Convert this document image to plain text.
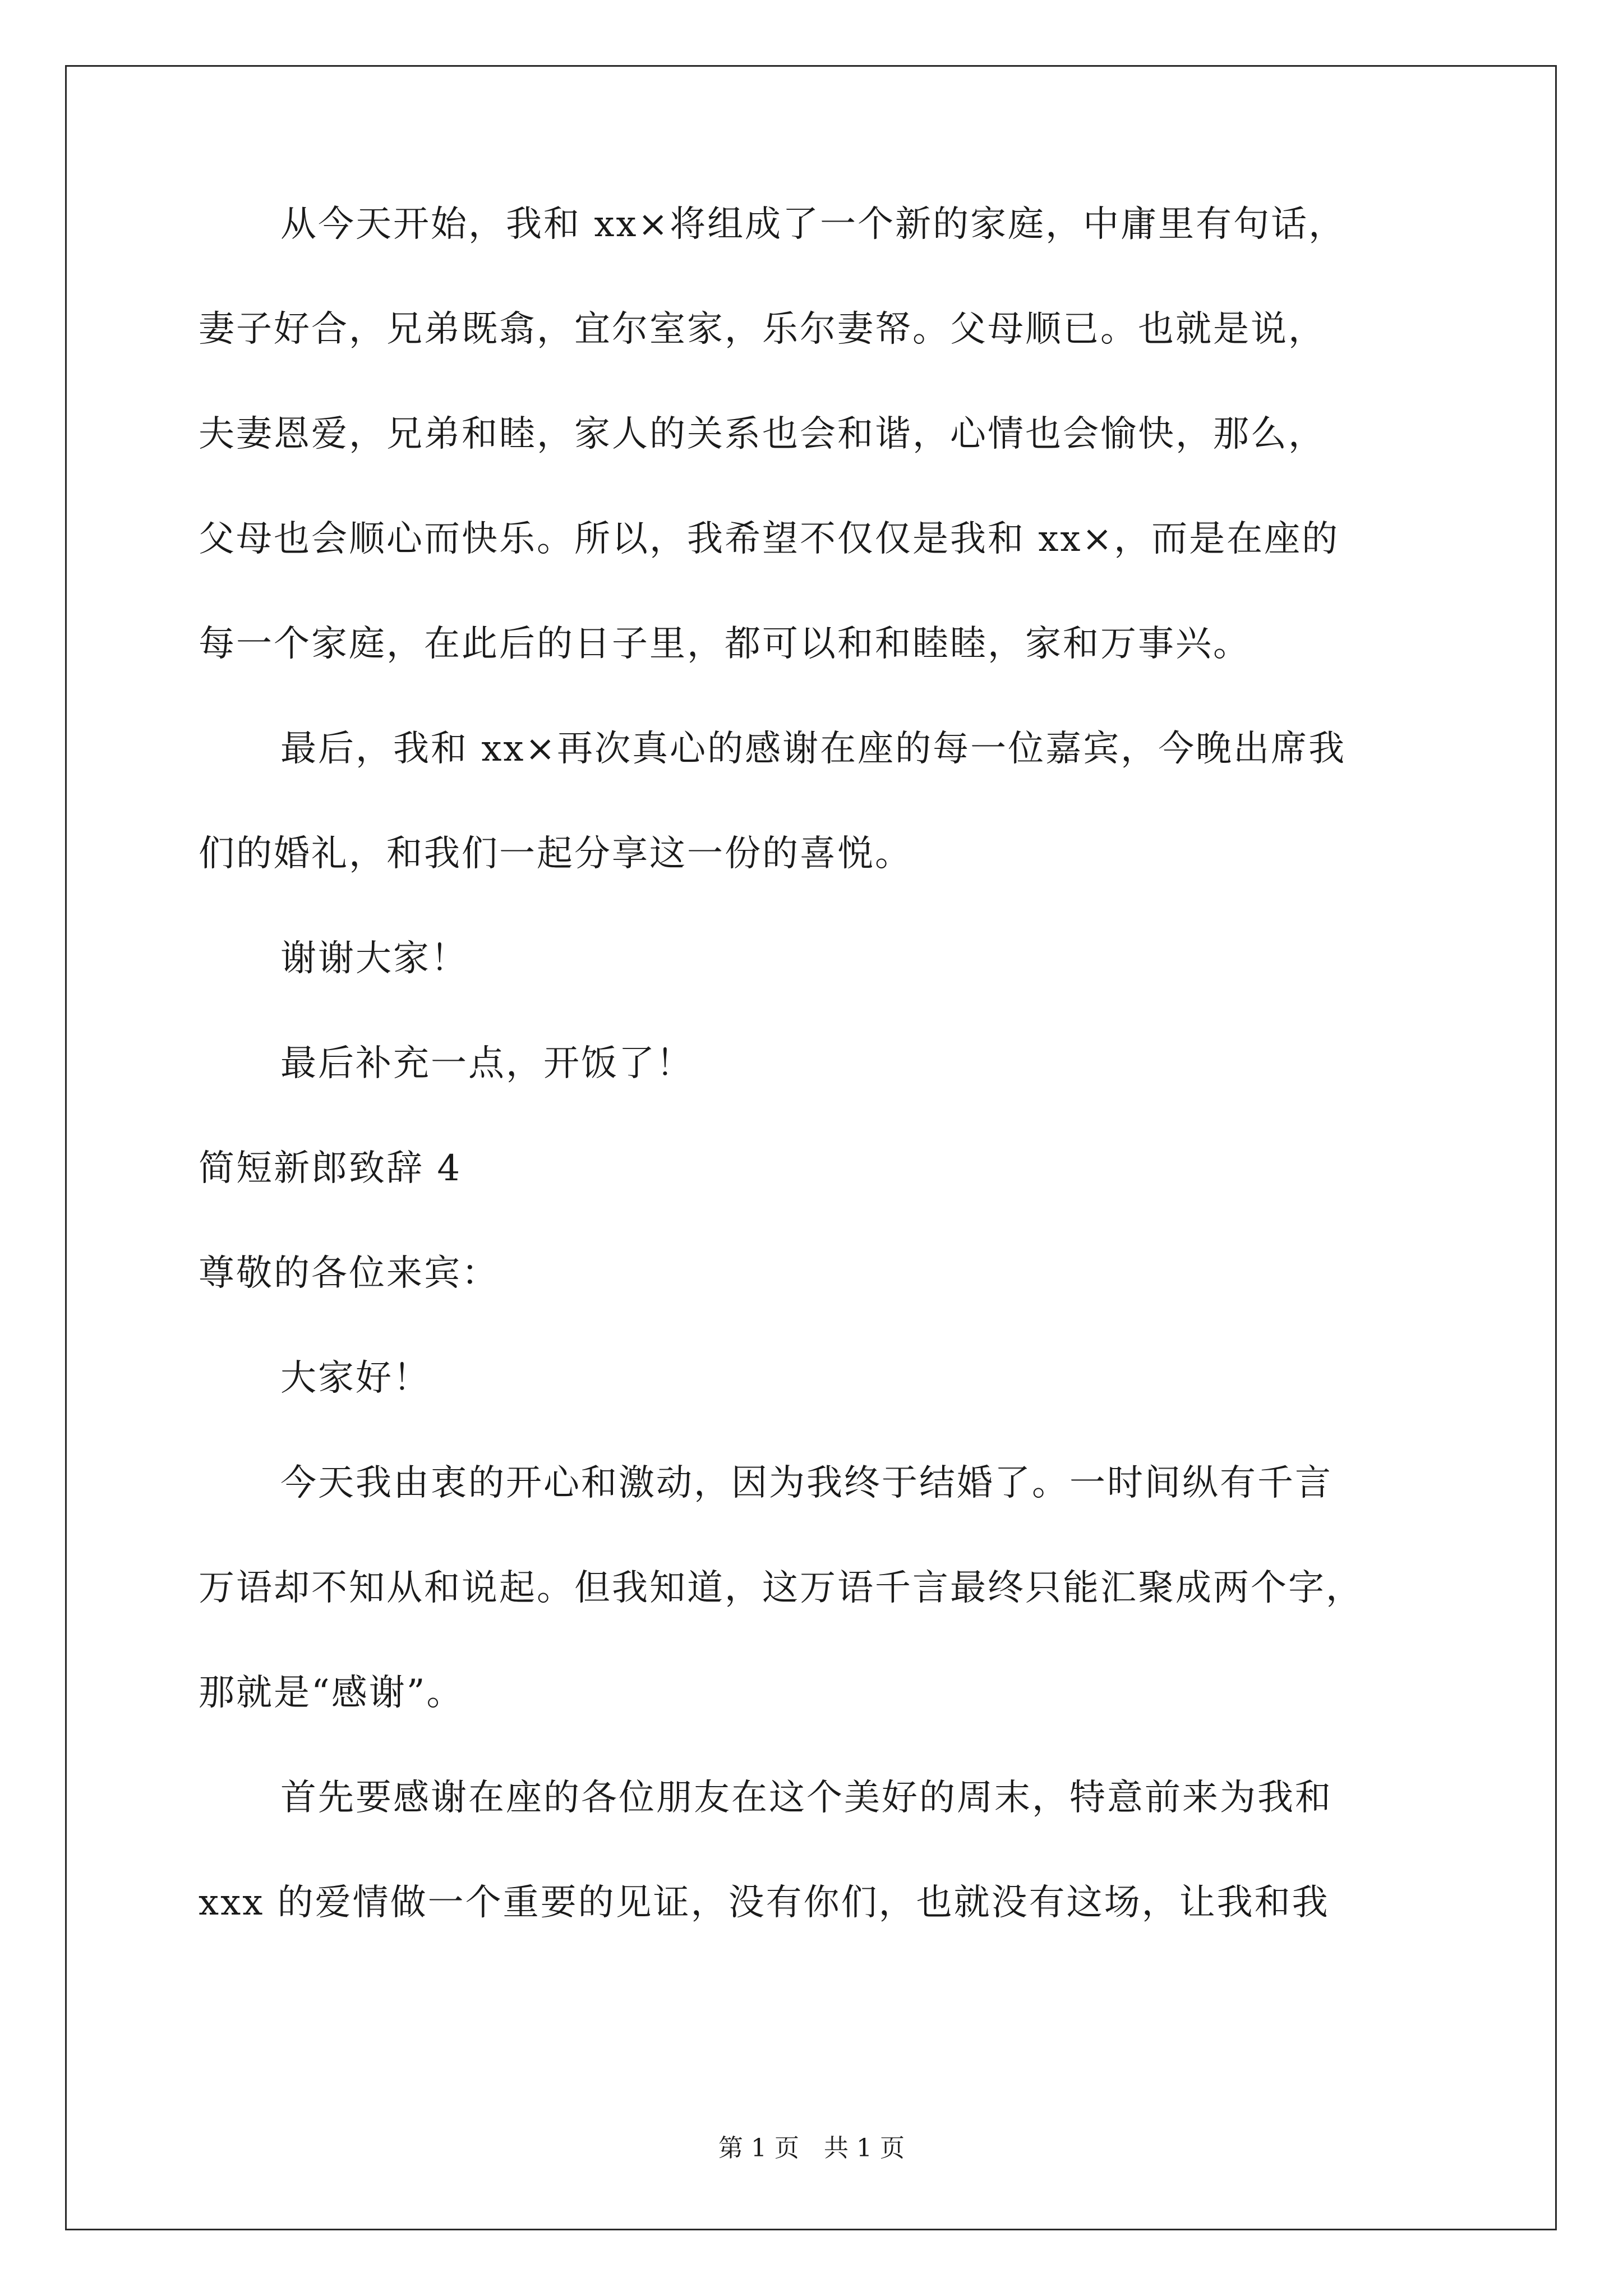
从今天开始，我和 xx×将组成了一个新的家庭，中庸里有句话，
妻子好合，兄弟既翕，宜尔室家，乐尔妻帑。父母顺已。也就是说，
夫妻恩爱，兄弟和睦，家人的关系也会和谐，心情也会愉快，那么，
父母也会顺心而快乐。所以，我希望不仅仅是我和 xx×，而是在座的
每一个家庭，在此后的日子里，都可以和和睦睦，家和万事兴。
最后，我和 xx×再次真心的感谢在座的每一位嘉宾，今晚出席我
们的婚礼，和我们一起分享这一份的喜悦。
谢谢大家！
最后补充一点，开饭了！
简短新郎致辞 4
尊敬的各位来宾：
大家好！
今天我由衷的开心和激动，因为我终于结婚了。一时间纵有千言
万语却不知从和说起。但我知道，这万语千言最终只能汇聚成两个字，
那就是“感谢”。
首先要感谢在座的各位朋友在这个美好的周末，特意前来为我和
xxx 的爱情做一个重要的见证，没有你们，也就没有这场，让我和我
第 1 页　共 1 页
